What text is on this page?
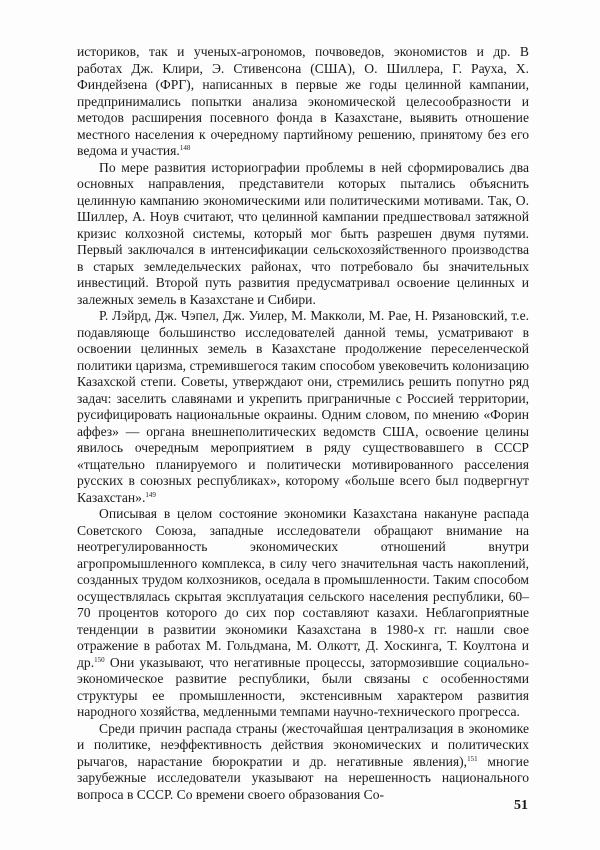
историков, так и ученых-агрономов, почвоведов, экономистов и др. В работах Дж. Клири, Э. Стивенсона (США), О. Шиллера, Г. Рауха, Х. Финдейзена (ФРГ), написанных в первые же годы целинной кампании, предпринимались попытки анализа экономической целесообразности и методов расширения посевного фонда в Казахстане, выявить отношение местного населения к очередному партийному решению, принятому без его ведома и участия.$^{148}$

По мере развития историографии проблемы в ней сформировались два основных направления, представители которых пытались объяснить целинную кампанию экономическими или политическими мотивами. Так, О. Шиллер, А. Ноув считают, что целинной кампании предшествовал затяжной кризис колхозной системы, который мог быть разрешен двумя путями. Первый заключался в интенсификации сельскохозяйственного производства в старых земледельческих районах, что потребовало бы значительных инвестиций. Второй путь развития предусматривал освоение целинных и залежных земель в Казахстане и Сибири.

Р. Лэйрд, Дж. Чэпел, Дж. Уилер, М. Макколи, М. Рае, Н. Рязановский, т.е. подавляюще большинство исследователей данной темы, усматривают в освоении целинных земель в Казахстане продолжение переселенческой политики царизма, стремившегося таким способом увековечить колонизацию Казахской степи. Советы, утверждают они, стремились решить попутно ряд задач: заселить славянами и укрепить приграничные с Россией территории, русифицировать национальные окраины. Одним словом, по мнению «Форин аффез» — органа внешнеполитических ведомств США, освоение целины явилось очередным мероприятием в ряду существовавшего в СССР «тщательно планируемого и политически мотивированного расселения русских в союзных республиках», которому «больше всего был подвергнут Казахстан».$^{149}$

Описывая в целом состояние экономики Казахстана накануне распада Советского Союза, западные исследователи обращают внимание на неотрегулированность экономических отношений внутри агропромышленного комплекса, в силу чего значительная часть накоплений, созданных трудом колхозников, оседала в промышленности. Таким способом осуществлялась скрытая эксплуатация сельского населения республики, 60–70 процентов которого до сих пор составляют казахи. Неблагоприятные тенденции в развитии экономики Казахстана в 1980-х гг. нашли свое отражение в работах М. Гольдмана, М. Олкотт, Д. Хоскинга, Т. Коултона и др.$^{150}$ Они указывают, что негативные процессы, затормозившие социально-экономическое развитие республики, были связаны с особенностями структуры ее промышленности, экстенсивным характером развития народного хозяйства, медленными темпами научно-технического прогресса.

Среди причин распада страны (жесточайшая централизация в экономике и политике, неэффективность действия экономических и политических рычагов, нарастание бюрократии и др. негативные явления),$^{151}$ многие зарубежные исследователи указывают на нерешенность национального вопроса в СССР. Со времени своего образования Со-

51
